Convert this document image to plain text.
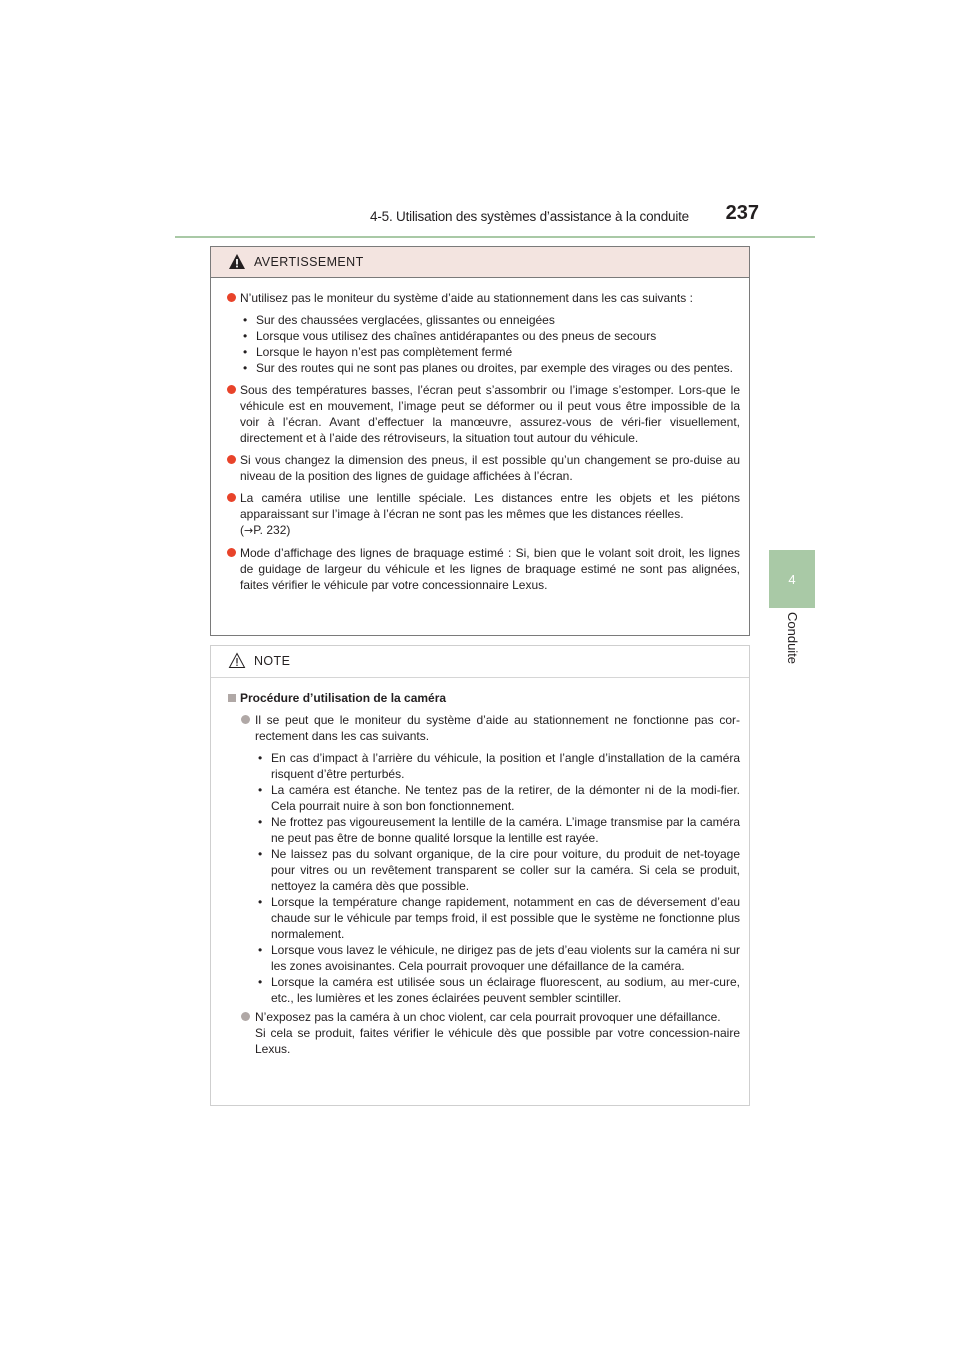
4-5. Utilisation des systèmes d’assistance à la conduite 237
4
Conduite
AVERTISSEMENT
N’utilisez pas le moniteur du système d’aide au stationnement dans les cas suivants :
• Sur des chaussées verglacées, glissantes ou enneigées
• Lorsque vous utilisez des chaînes antidérapantes ou des pneus de secours
• Lorsque le hayon n’est pas complètement fermé
• Sur des routes qui ne sont pas planes ou droites, par exemple des virages ou des pentes.
Sous des températures basses, l’écran peut s’assombrir ou l’image s’estomper. Lors-que le véhicule est en mouvement, l’image peut se déformer ou il peut vous être impossible de la voir à l’écran. Avant d’effectuer la manœuvre, assurez-vous de véri-fier visuellement, directement et à l’aide des rétroviseurs, la situation tout autour du véhicule.
Si vous changez la dimension des pneus, il est possible qu’un changement se pro-duise au niveau de la position des lignes de guidage affichées à l’écran.
La caméra utilise une lentille spéciale. Les distances entre les objets et les piétons apparaissant sur l’image à l’écran ne sont pas les mêmes que les distances réelles.
(→P. 232)
Mode d’affichage des lignes de braquage estimé : Si, bien que le volant soit droit, les lignes de guidage de largeur du véhicule et les lignes de braquage estimé ne sont pas alignées, faites vérifier le véhicule par votre concessionnaire Lexus.
NOTE
Procédure d’utilisation de la caméra
Il se peut que le moniteur du système d’aide au stationnement ne fonctionne pas cor-rectement dans les cas suivants.
• En cas d’impact à l’arrière du véhicule, la position et l’angle d’installation de la caméra risquent d’être perturbés.
• La caméra est étanche. Ne tentez pas de la retirer, de la démonter ni de la modi-fier. Cela pourrait nuire à son bon fonctionnement.
• Ne frottez pas vigoureusement la lentille de la caméra. L’image transmise par la caméra ne peut pas être de bonne qualité lorsque la lentille est rayée.
• Ne laissez pas du solvant organique, de la cire pour voiture, du produit de net-toyage pour vitres ou un revêtement transparent se coller sur la caméra. Si cela se produit, nettoyez la caméra dès que possible.
• Lorsque la température change rapidement, notamment en cas de déversement d’eau chaude sur le véhicule par temps froid, il est possible que le système ne fonctionne plus normalement.
• Lorsque vous lavez le véhicule, ne dirigez pas de jets d’eau violents sur la caméra ni sur les zones avoisinantes. Cela pourrait provoquer une défaillance de la caméra.
• Lorsque la caméra est utilisée sous un éclairage fluorescent, au sodium, au mer-cure, etc., les lumières et les zones éclairées peuvent sembler scintiller.
N’exposez pas la caméra à un choc violent, car cela pourrait provoquer une défaillance.
Si cela se produit, faites vérifier le véhicule dès que possible par votre concession-naire Lexus.
